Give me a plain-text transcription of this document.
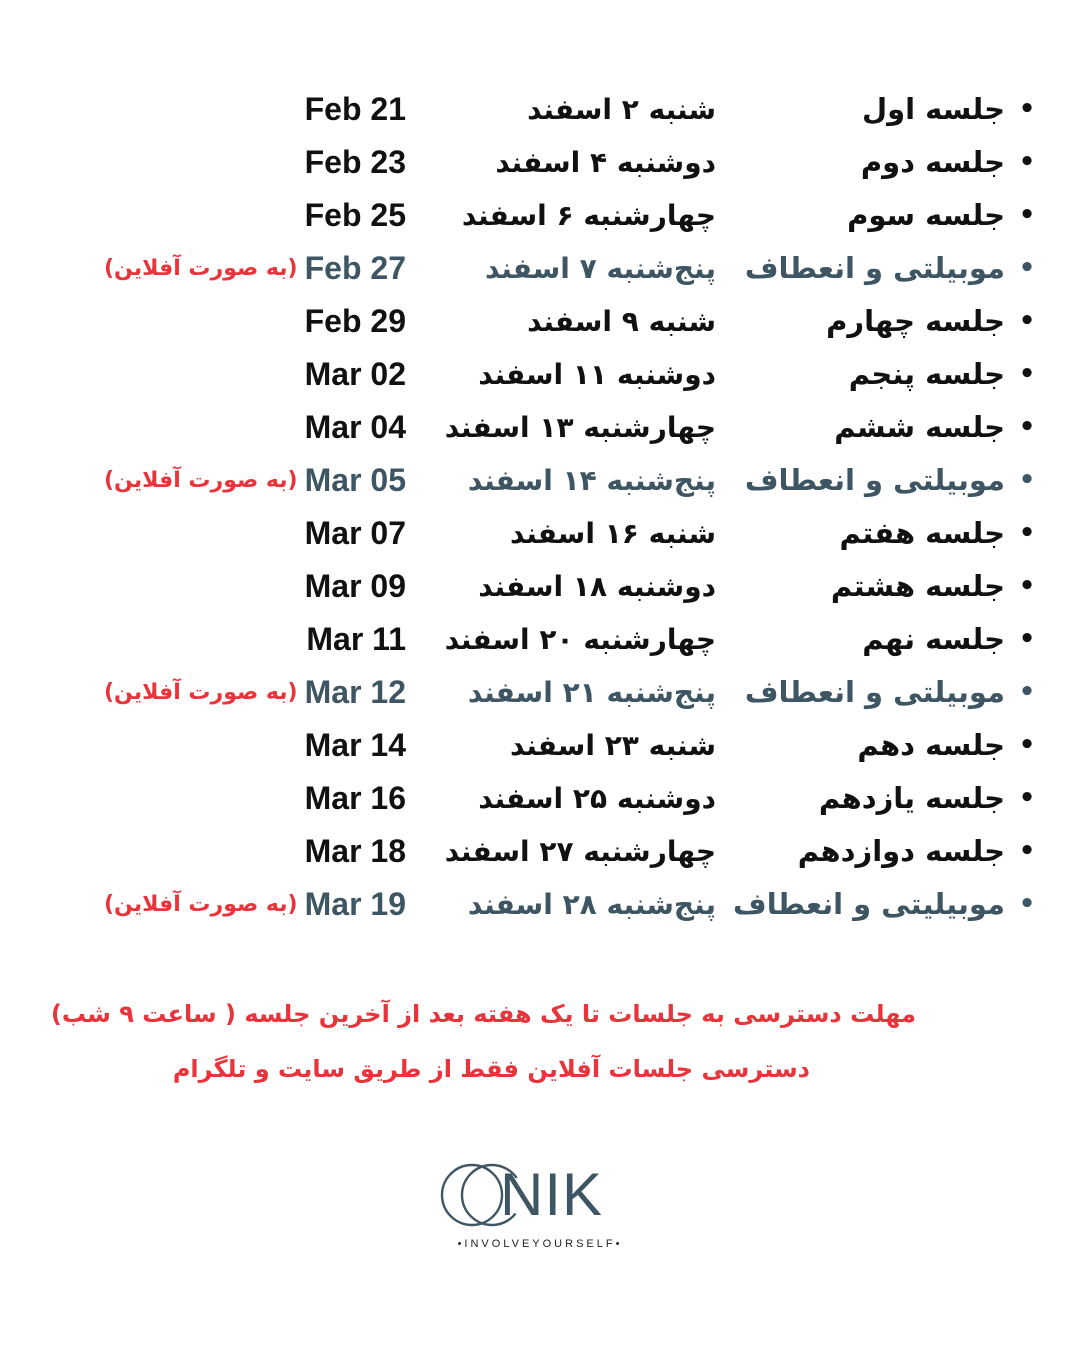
•
جلسه اول
شنبه ۲ اسفند
Feb 21
•
جلسه دوم
دوشنبه ۴ اسفند
Feb 23
•
جلسه سوم
چهارشنبه ۶ اسفند
Feb 25
•
موبیلتی و انعطاف
پنج‌شنبه ۷ اسفند
Feb 27
(به صورت آفلاین)
•
جلسه چهارم
شنبه ۹ اسفند
Feb 29
•
جلسه پنجم
دوشنبه ۱۱ اسفند
Mar 02
•
جلسه ششم
چهارشنبه ۱۳ اسفند
Mar 04
•
موبیلتی و انعطاف
پنج‌شنبه ۱۴ اسفند
Mar 05
(به صورت آفلاین)
•
جلسه هفتم
شنبه ۱۶ اسفند
Mar 07
•
جلسه هشتم
دوشنبه ۱۸ اسفند
Mar 09
•
جلسه نهم
چهارشنبه ۲۰ اسفند
Mar 11
•
موبیلتی و انعطاف
پنج‌شنبه ۲۱ اسفند
Mar 12
(به صورت آفلاین)
•
جلسه دهم
شنبه ۲۳ اسفند
Mar 14
•
جلسه یازدهم
دوشنبه ۲۵ اسفند
Mar 16
•
جلسه دوازدهم
چهارشنبه ۲۷ اسفند
Mar 18
•
موبیلیتی و انعطاف
پنج‌شنبه ۲۸ اسفند
Mar 19
(به صورت آفلاین)
مهلت دسترسی به جلسات تا یک هفته بعد از آخرین جلسه ( ساعت ۹ شب)
دسترسی جلسات آفلاین فقط از طریق سایت و تلگرام
NIK
•INVOLVEYOURSELF•
